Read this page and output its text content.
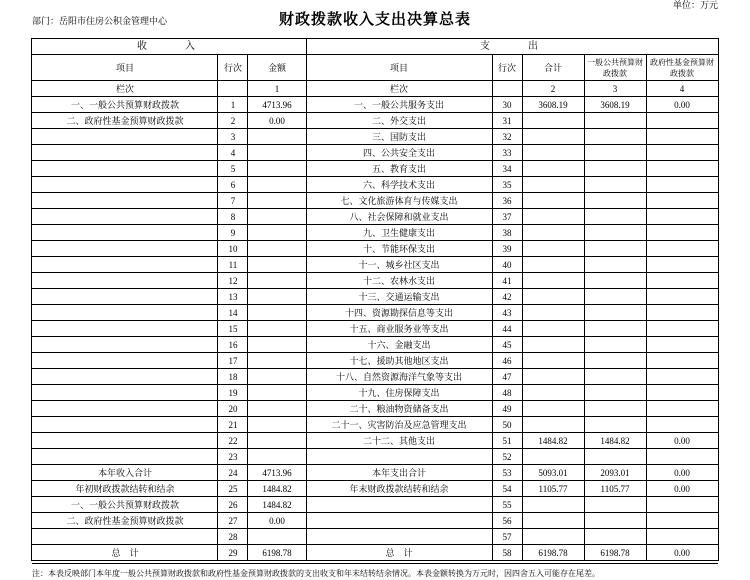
财政拨款收入支出决算总表
单位：万元
部门：岳阳市住房公积金管理中心
收　　入			支　　出				
项目	行次	金额	项目	行次	合计	一般公共预算财政拨款	政府性基金预算财政拨款
栏次		1	栏次		2	3	4
一、一般公共预算财政拨款	1	4713.96	一、一般公共服务支出	30	3608.19	3608.19	0.00
二、政府性基金预算财政拨款	2	0.00	二、外交支出	31			
	3		三、国防支出	32			
	4		四、公共安全支出	33			
	5		五、教育支出	34			
	6		六、科学技术支出	35			
	7		七、文化旅游体育与传媒支出	36			
	8		八、社会保障和就业支出	37			
	9		九、卫生健康支出	38			
	10		十、节能环保支出	39			
	11		十一、城乡社区支出	40			
	12		十二、农林水支出	41			
	13		十三、交通运输支出	42			
	14		十四、资源勘探信息等支出	43			
	15		十五、商业服务业等支出	44			
	16		十六、金融支出	45			
	17		十七、援助其他地区支出	46			
	18		十八、自然资源海洋气象等支出	47			
	19		十九、住房保障支出	48			
	20		二十、粮油物资储备支出	49			
	21		二十一、灾害防治及应急管理支出	50			
	22		二十二、其他支出	51	1484.82	1484.82	0.00
	23			52			
本年收入合计	24	4713.96	本年支出合计	53	5093.01	2093.01	0.00
年初财政拨款结转和结余	25	1484.82	年末财政拨款结转和结余	54	1105.77	1105.77	0.00
一、一般公共预算财政拨款	26	1484.82		55			
二、政府性基金预算财政拨款	27	0.00		56			
	28			57			
总　计	29	6198.78	总　计	58	6198.78	6198.78	0.00
注：本表反映部门本年度一般公共预算财政拨款和政府性基金预算财政拨款的支出收支和年末结转结余情况。本表金额转换为万元时，因四舍五入可能存在尾差。
